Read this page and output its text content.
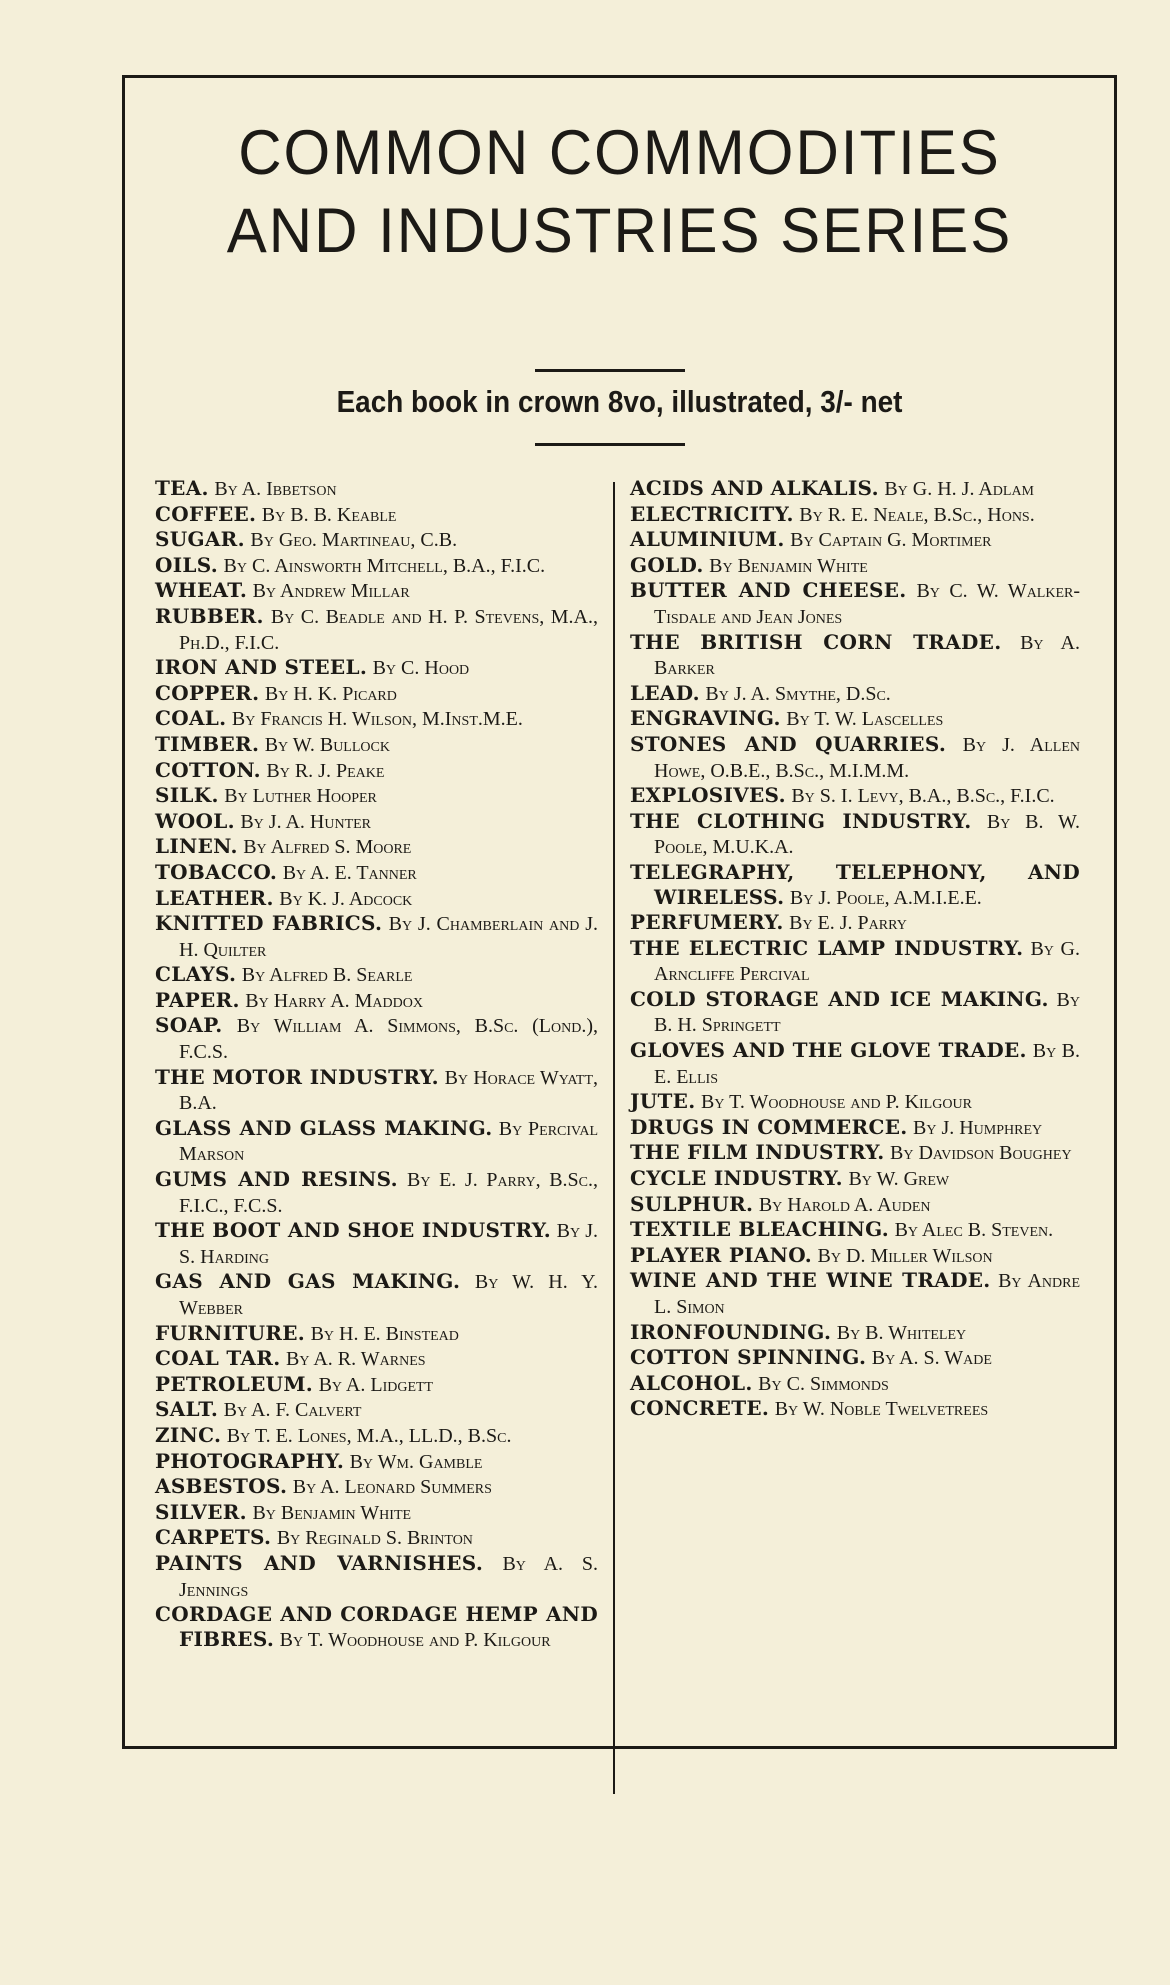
COMMON COMMODITIES
AND INDUSTRIES SERIES
Each book in crown 8vo, illustrated, 3/- net

TEA. By A. Ibbetson

COFFEE. By B. B. Keable

SUGAR. By Geo. Martineau, C.B.

OILS. By C. Ainsworth Mitchell, B.A., F.I.C.

WHEAT. By Andrew Millar

RUBBER. By C. Beadle and H. P. Stevens, M.A., Ph.D., F.I.C.

IRON AND STEEL. By C. Hood

COPPER. By H. K. Picard

COAL. By Francis H. Wilson, M.Inst.M.E.

TIMBER. By W. Bullock

COTTON. By R. J. Peake

SILK. By Luther Hooper

WOOL. By J. A. Hunter

LINEN. By Alfred S. Moore

TOBACCO. By A. E. Tanner

LEATHER. By K. J. Adcock

KNITTED FABRICS. By J. Chamberlain and J. H. Quilter

CLAYS. By Alfred B. Searle

PAPER. By Harry A. Maddox

SOAP. By William A. Simmons, B.Sc. (Lond.), F.C.S.

THE MOTOR INDUSTRY. By Horace Wyatt, B.A.

GLASS AND GLASS MAKING. By Percival Marson

GUMS AND RESINS. By E. J. Parry, B.Sc., F.I.C., F.C.S.

THE BOOT AND SHOE INDUSTRY. By J. S. Harding

GAS AND GAS MAKING. By W. H. Y. Webber

FURNITURE. By H. E. Binstead

COAL TAR. By A. R. Warnes

PETROLEUM. By A. Lidgett

SALT. By A. F. Calvert

ZINC. By T. E. Lones, M.A., LL.D., B.Sc.

PHOTOGRAPHY. By Wm. Gamble

ASBESTOS. By A. Leonard Summers

SILVER. By Benjamin White

CARPETS. By Reginald S. Brinton

PAINTS AND VARNISHES. By A. S. Jennings

CORDAGE AND CORDAGE HEMP AND FIBRES. By T. Woodhouse and P. Kilgour

ACIDS AND ALKALIS. By G. H. J. Adlam

ELECTRICITY. By R. E. Neale, B.Sc., Hons.

ALUMINIUM. By Captain G. Mortimer

GOLD. By Benjamin White

BUTTER AND CHEESE. By C. W. Walker-Tisdale and Jean Jones

THE BRITISH CORN TRADE. By A. Barker

LEAD. By J. A. Smythe, D.Sc.

ENGRAVING. By T. W. Lascelles

STONES AND QUARRIES. By J. Allen Howe, O.B.E., B.Sc., M.I.M.M.

EXPLOSIVES. By S. I. Levy, B.A., B.Sc., F.I.C.

THE CLOTHING INDUSTRY. By B. W. Poole, M.U.K.A.

TELEGRAPHY, TELEPHONY, AND WIRELESS. By J. Poole, A.M.I.E.E.

PERFUMERY. By E. J. Parry

THE ELECTRIC LAMP INDUSTRY. By G. Arncliffe Percival

COLD STORAGE AND ICE MAKING. By B. H. Springett

GLOVES AND THE GLOVE TRADE. By B. E. Ellis

JUTE. By T. Woodhouse and P. Kilgour

DRUGS IN COMMERCE. By J. Humphrey

THE FILM INDUSTRY. By Davidson Boughey

CYCLE INDUSTRY. By W. Grew

SULPHUR. By Harold A. Auden

TEXTILE BLEACHING. By Alec B. Steven.

PLAYER PIANO. By D. Miller Wilson

WINE AND THE WINE TRADE. By Andre L. Simon

IRONFOUNDING. By B. Whiteley

COTTON SPINNING. By A. S. Wade

ALCOHOL. By C. Simmonds

CONCRETE. By W. Noble Twelvetrees
